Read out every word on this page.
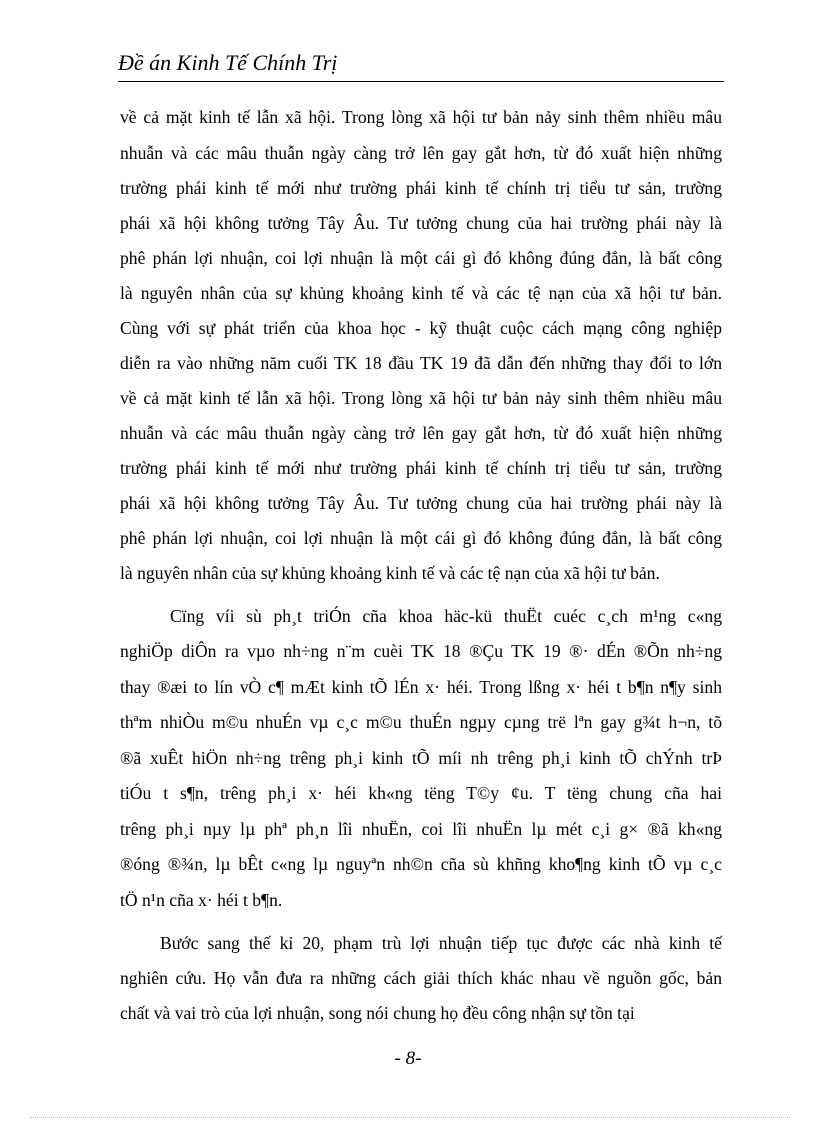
Đề án Kinh Tế Chính Trị
về cả mặt kinh tế lẫn xã hội. Trong lòng xã hội tư bản nảy sinh thêm nhiều mâu
nhuẫn và các mâu thuẫn ngày càng trở lên gay gắt hơn, từ đó xuất hiện những
trường phái kinh tế mới như trường phái kinh tế chính trị tiểu tư sản, trường
phái xã hội không tưởng Tây Âu. Tư tưởng chung của hai trường phái này là
phê phán lợi nhuận, coi lợi nhuận là một cái gì đó không đúng đắn, là bất công
là nguyên nhân của sự khủng khoảng kinh tế và các tệ nạn của xã hội tư bản.
Cùng với sự phát triển của khoa học - kỹ thuật cuộc cách mạng công nghiệp
diễn ra vào những năm cuối TK 18 đầu TK 19 đã dẫn đến những thay đổi to lớn
về cả mặt kinh tế lẫn xã hội. Trong lòng xã hội tư bản nảy sinh thêm nhiều mâu
nhuẫn và các mâu thuẫn ngày càng trở lên gay gắt hơn, từ đó xuất hiện những
trường phái kinh tế mới như trường phái kinh tế chính trị tiểu tư sản, trường
phái xã hội không tưởng Tây Âu. Tư tưởng chung của hai trường phái này là
phê phán lợi nhuận, coi lợi nhuận là một cái gì đó không đúng đắn, là bất công
là nguyên nhân của sự khủng khoảng kinh tế và các tệ nạn của xã hội tư bản.
Cïng víi sù ph¸t triÓn cña khoa häc-kü thuËt cuéc c¸ch m¹ng c«ng
nghiÖp diÔn ra vµo nh÷ng n¨m cuèi TK 18 ®Çu TK 19 ®· dÉn ®Õn nh÷ng
thay ®æi to lín vÒ c¶ mÆt kinh tÕ lÉn x· héi. Trong lßng x· héi t b¶n n¶y sinh
thªm nhiÒu m©u nhuÉn vµ c¸c m©u thuÉn ngµy cµng trë lªn gay g¾t h¬n, tõ
®ã xuÊt hiÖn nh÷ng trêng ph¸i kinh tÕ míi nh trêng ph¸i kinh tÕ chÝnh trÞ
tiÓu t s¶n, trêng ph¸i x· héi kh«ng tëng T©y ¢u. T tëng chung cña hai
trêng ph¸i nµy lµ phª ph¸n lîi nhuËn, coi lîi nhuËn lµ mét c¸i g× ®ã kh«ng
®óng ®¾n, lµ bÊt c«ng lµ nguyªn nh©n cña sù khñng kho¶ng kinh tÕ vµ c¸c
tÖ n¹n cña x· héi t b¶n.
Bước sang thế kỉ 20, phạm trù lợi nhuận tiếp tục được các nhà kinh tế
nghiên cứu. Họ vẫn đưa ra những cách giải thích khác nhau về nguồn gốc, bản
chất và vai trò của lợi nhuận, song nói chung họ đều công nhận sự tồn tại
- 8-
